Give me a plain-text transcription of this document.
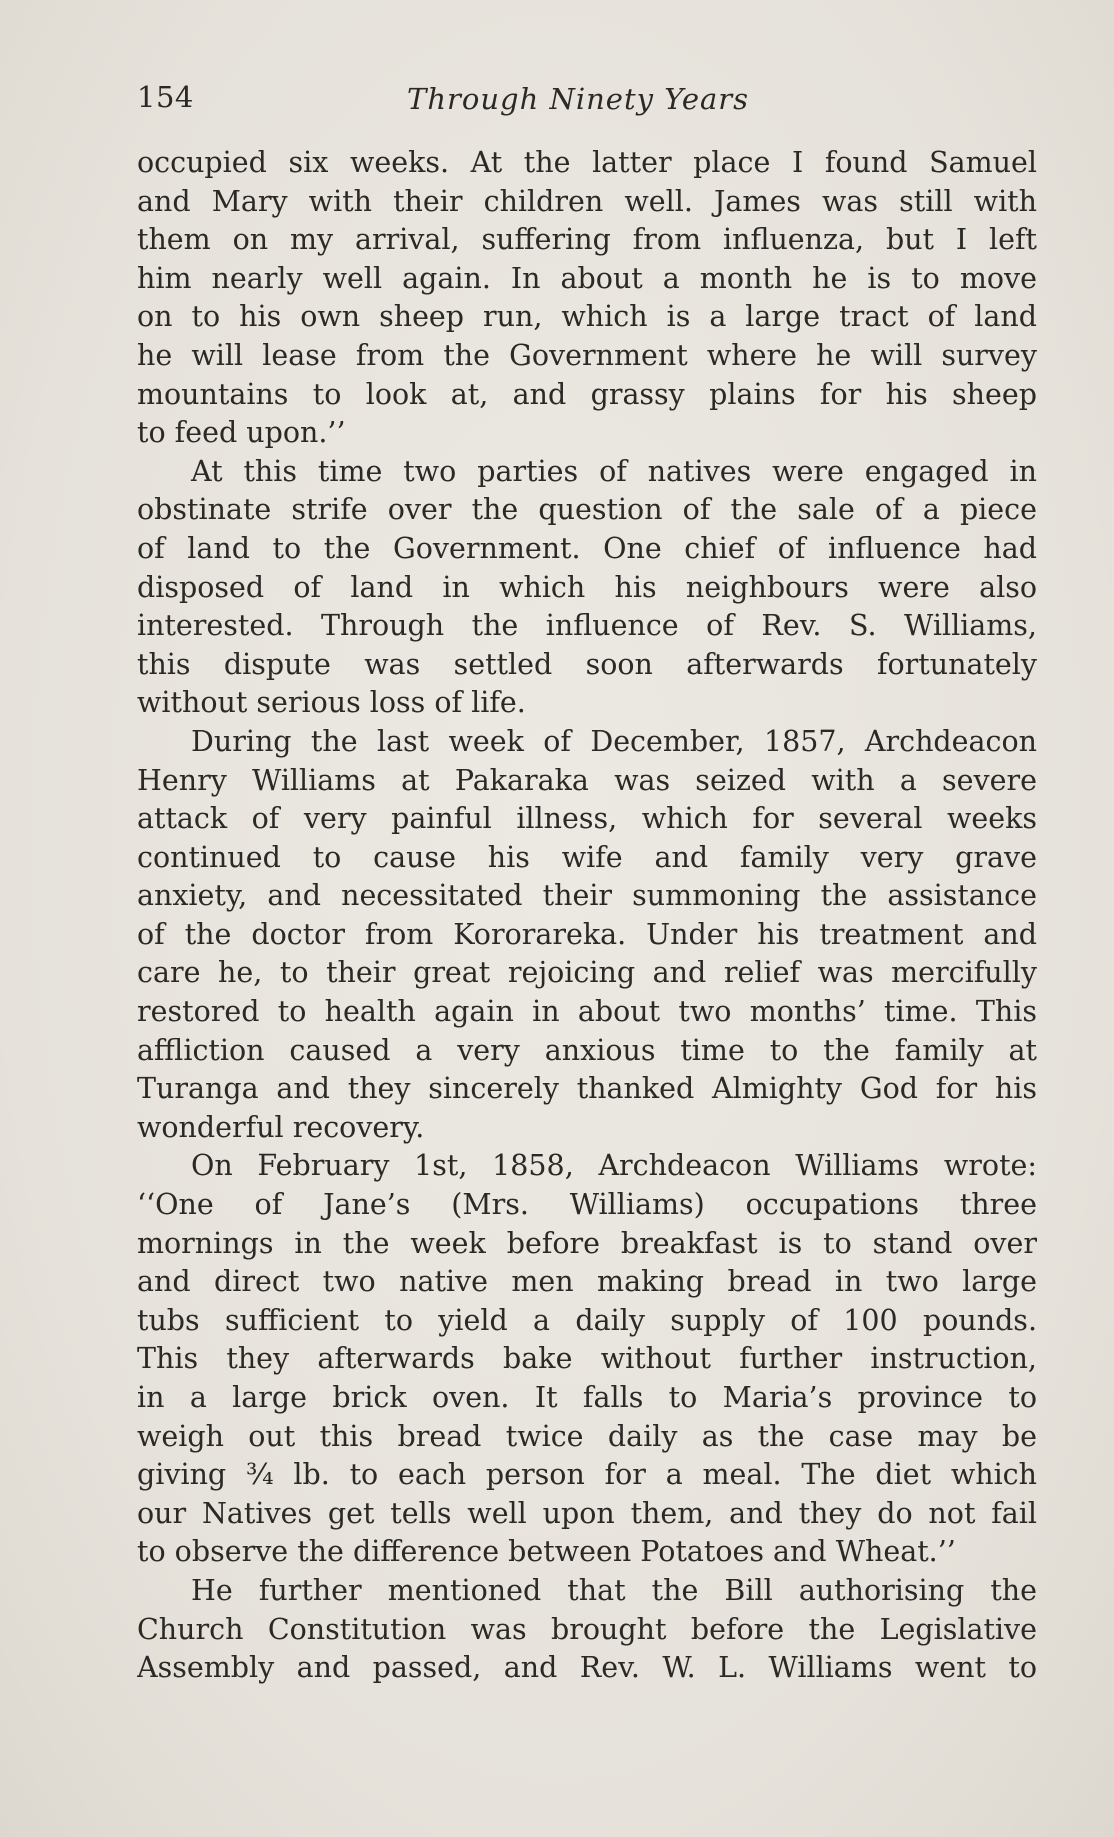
154	Through Ninety Years
occupied six weeks. At the latter place I found Samuel
and Mary with their children well. James was still with
them on my arrival, suffering from influenza, but I left
him nearly well again. In about a month he is to move
on to his own sheep run, which is a large tract of land
he will lease from the Government where he will survey
mountains to look at, and grassy plains for his sheep
to feed upon.’’
At this time two parties of natives were engaged in
obstinate strife over the question of the sale of a piece
of land to the Government. One chief of influence had
disposed of land in which his neighbours were also
interested. Through the influence of Rev. S. Williams,
this dispute was settled soon afterwards fortunately
without serious loss of life.
During the last week of December, 1857, Archdeacon
Henry Williams at Pakaraka was seized with a severe
attack of very painful illness, which for several weeks
continued to cause his wife and family very grave
anxiety, and necessitated their summoning the assistance
of the doctor from Kororareka. Under his treatment and
care he, to their great rejoicing and relief was mercifully
restored to health again in about two months’ time. This
affliction caused a very anxious time to the family at
Turanga and they sincerely thanked Almighty God for his
wonderful recovery.
On February 1st, 1858, Archdeacon Williams wrote:
‘‘One of Jane’s (Mrs. Williams) occupations three
mornings in the week before breakfast is to stand over
and direct two native men making bread in two large
tubs sufficient to yield a daily supply of 100 pounds.
This they afterwards bake without further instruction,
in a large brick oven. It falls to Maria’s province to
weigh out this bread twice daily as the case may be
giving ¾ lb. to each person for a meal. The diet which
our Natives get tells well upon them, and they do not fail
to observe the difference between Potatoes and Wheat.’’
He further mentioned that the Bill authorising the
Church Constitution was brought before the Legislative
Assembly and passed, and Rev. W. L. Williams went to
